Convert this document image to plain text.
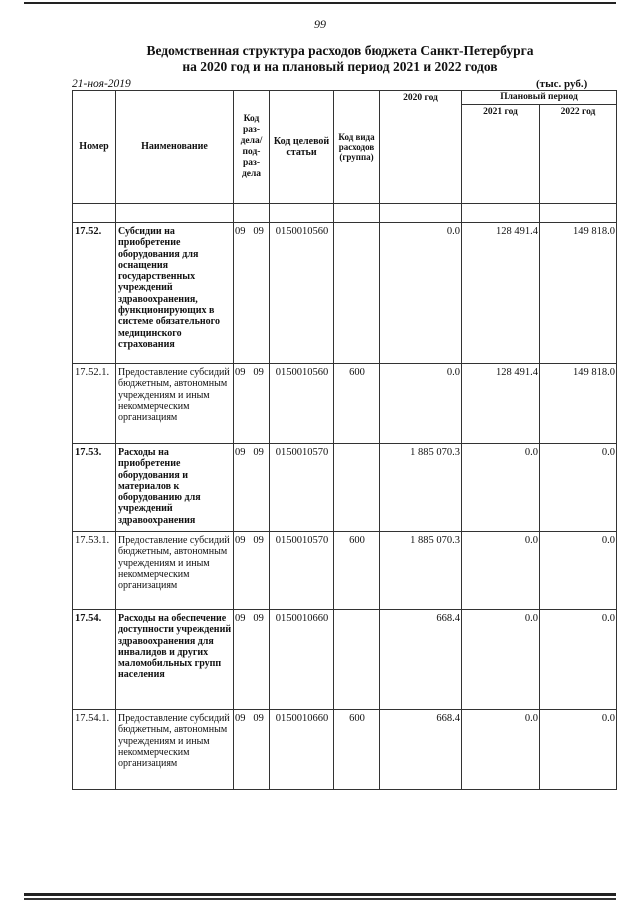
99
Ведомственная структура расходов бюджета Санкт-Петербурга
на 2020 год и на плановый период 2021 и 2022 годов
21-ноя-2019	(тыс. руб.)
Номер	Наименование	Код раз- дела/ под- раз- дела	Код целевой статьи	Код вида расходов (группа)	2020 год	Плановый период	
						2021 год	2022 год

17.52.	Субсидии на приобретение оборудования для оснащения государственных учреждений здравоохранения, функционирующих в системе обязательного медицинского страхования	09 09	0150010560		0.0	128 491.4	149 818.0
17.52.1.	Предоставление субсидий бюджетным, автономным учреждениям и иным некоммерческим организациям	09 09	0150010560	600	0.0	128 491.4	149 818.0
17.53.	Расходы на приобретение оборудования и материалов к оборудованию для учреждений здравоохранения	09 09	0150010570		1 885 070.3	0.0	0.0
17.53.1.	Предоставление субсидий бюджетным, автономным учреждениям и иным некоммерческим организациям	09 09	0150010570	600	1 885 070.3	0.0	0.0
17.54.	Расходы на обеспечение доступности учреждений здравоохранения для инвалидов и других маломобильных групп населения	09 09	0150010660		668.4	0.0	0.0
17.54.1.	Предоставление субсидий бюджетным, автономным учреждениям и иным некоммерческим организациям	09 09	0150010660	600	668.4	0.0	0.0
